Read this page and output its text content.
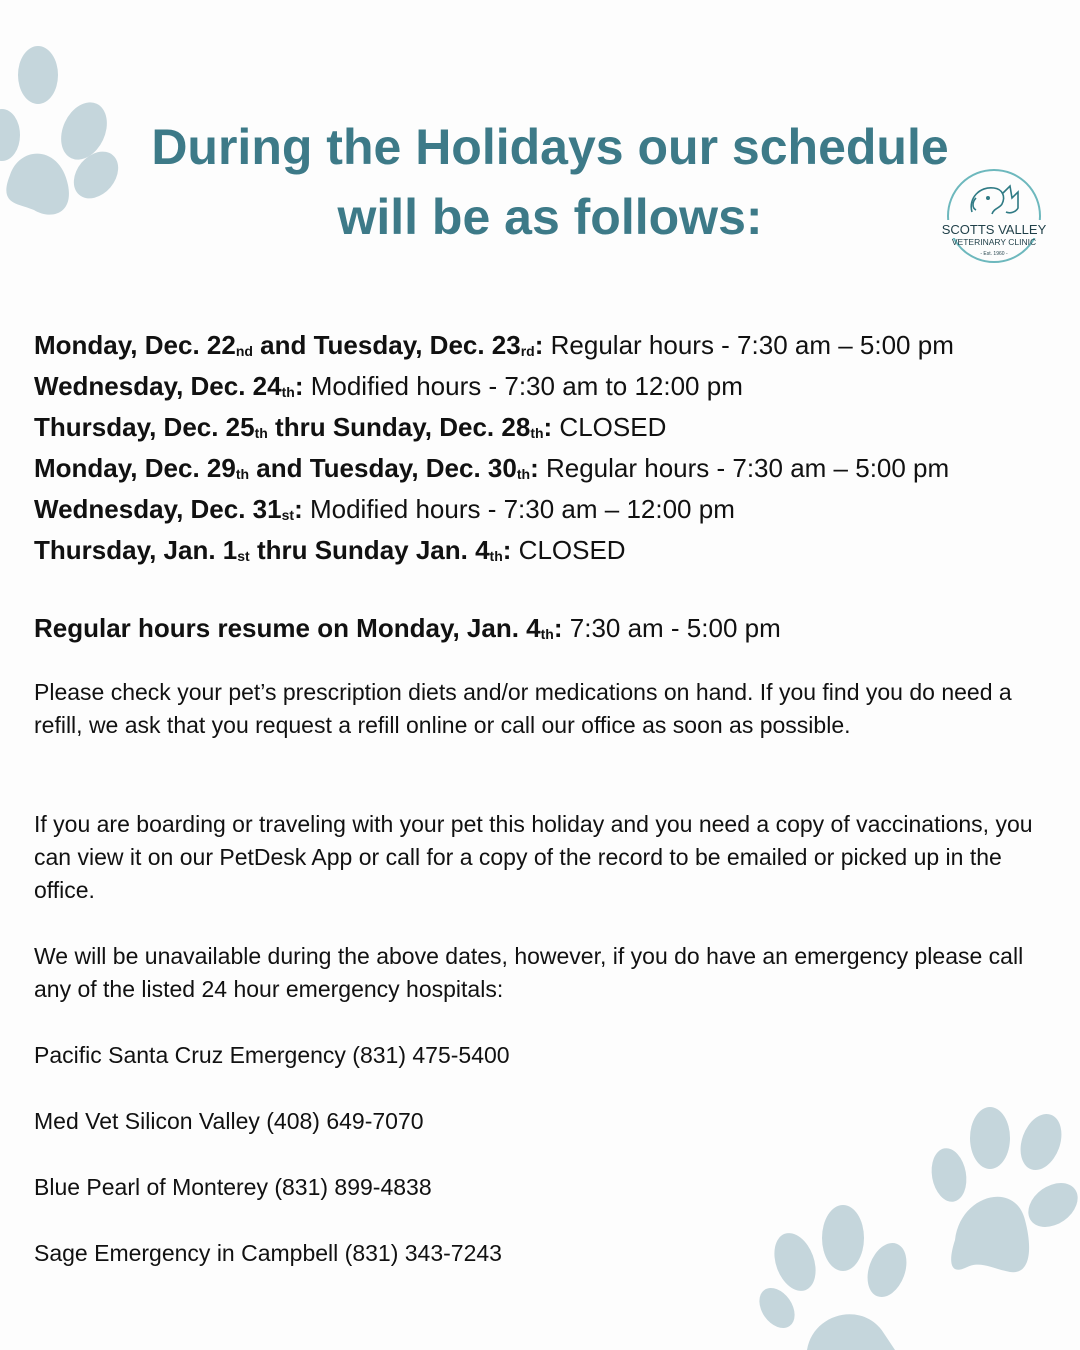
During the Holidays our schedule
will be as follows:	SCOTTS VALLEY
VETERINARY CLINIC
- Est. 1960 -
Monday, Dec. 22nd and Tuesday, Dec. 23rd: Regular hours - 7:30 am – 5:00 pm
Wednesday, Dec. 24th: Modified hours - 7:30 am to 12:00 pm
Thursday, Dec. 25th thru Sunday, Dec. 28th: CLOSED
Monday, Dec. 29th and Tuesday, Dec. 30th: Regular hours - 7:30 am – 5:00 pm
Wednesday, Dec. 31st: Modified hours - 7:30 am – 12:00 pm
Thursday, Jan. 1st thru Sunday Jan. 4th: CLOSED
Regular hours resume on Monday, Jan. 4th: 7:30 am - 5:00 pm

Please check your pet’s prescription diets and/or medications on hand. If you find you do need a refill, we ask that you request a refill online or call our office as soon as possible.

If you are boarding or traveling with your pet this holiday and you need a copy of vaccinations, you can view it on our PetDesk App or call for a copy of the record to be emailed or picked up in the office.

We will be unavailable during the above dates, however, if you do have an emergency please call any of the listed 24 hour emergency hospitals:

Pacific Santa Cruz Emergency (831) 475-5400
Med Vet Silicon Valley (408) 649-7070
Blue Pearl of Monterey (831) 899-4838
Sage Emergency in Campbell (831) 343-7243
